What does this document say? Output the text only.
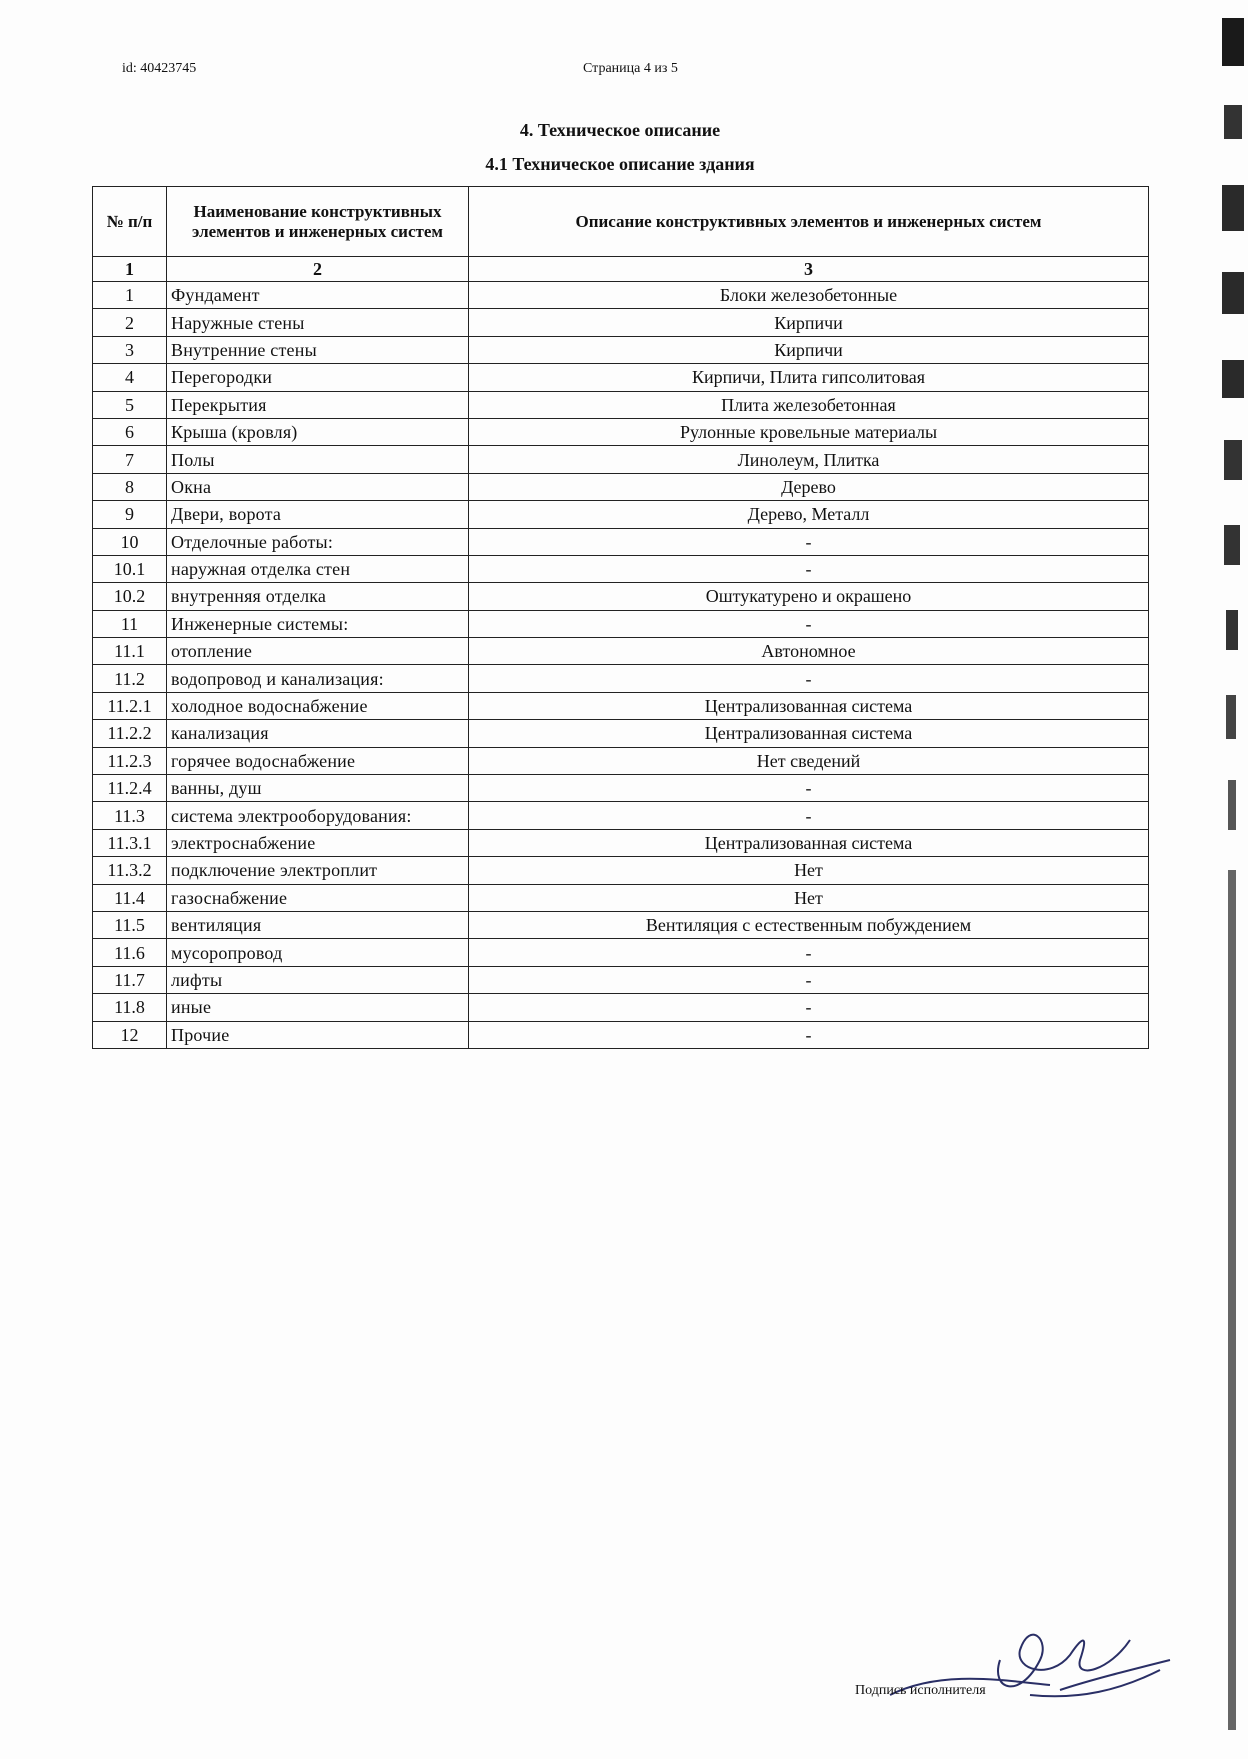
id: 40423745	Страница 4 из 5
4. Техническое описание
4.1 Техническое описание здания
№ п/п	Наименование конструктивных элементов и инженерных систем	Описание конструктивных элементов и инженерных систем
1	2	3
1	Фундамент	Блоки железобетонные
2	Наружные стены	Кирпичи
3	Внутренние стены	Кирпичи
4	Перегородки	Кирпичи, Плита гипсолитовая
5	Перекрытия	Плита железобетонная
6	Крыша (кровля)	Рулонные кровельные материалы
7	Полы	Линолеум, Плитка
8	Окна	Дерево
9	Двери, ворота	Дерево, Металл
10	Отделочные работы:	-
10.1	наружная отделка стен	-
10.2	внутренняя отделка	Оштукатурено и окрашено
11	Инженерные системы:	-
11.1	отопление	Автономное
11.2	водопровод и канализация:	-
11.2.1	холодное водоснабжение	Централизованная система
11.2.2	канализация	Централизованная система
11.2.3	горячее водоснабжение	Нет сведений
11.2.4	ванны, душ	-
11.3	система электрооборудования:	-
11.3.1	электроснабжение	Централизованная система
11.3.2	подключение электроплит	Нет
11.4	газоснабжение	Нет
11.5	вентиляция	Вентиляция с естественным побуждением
11.6	мусоропровод	-
11.7	лифты	-
11.8	иные	-
12	Прочие	-
Подпись исполнителя
